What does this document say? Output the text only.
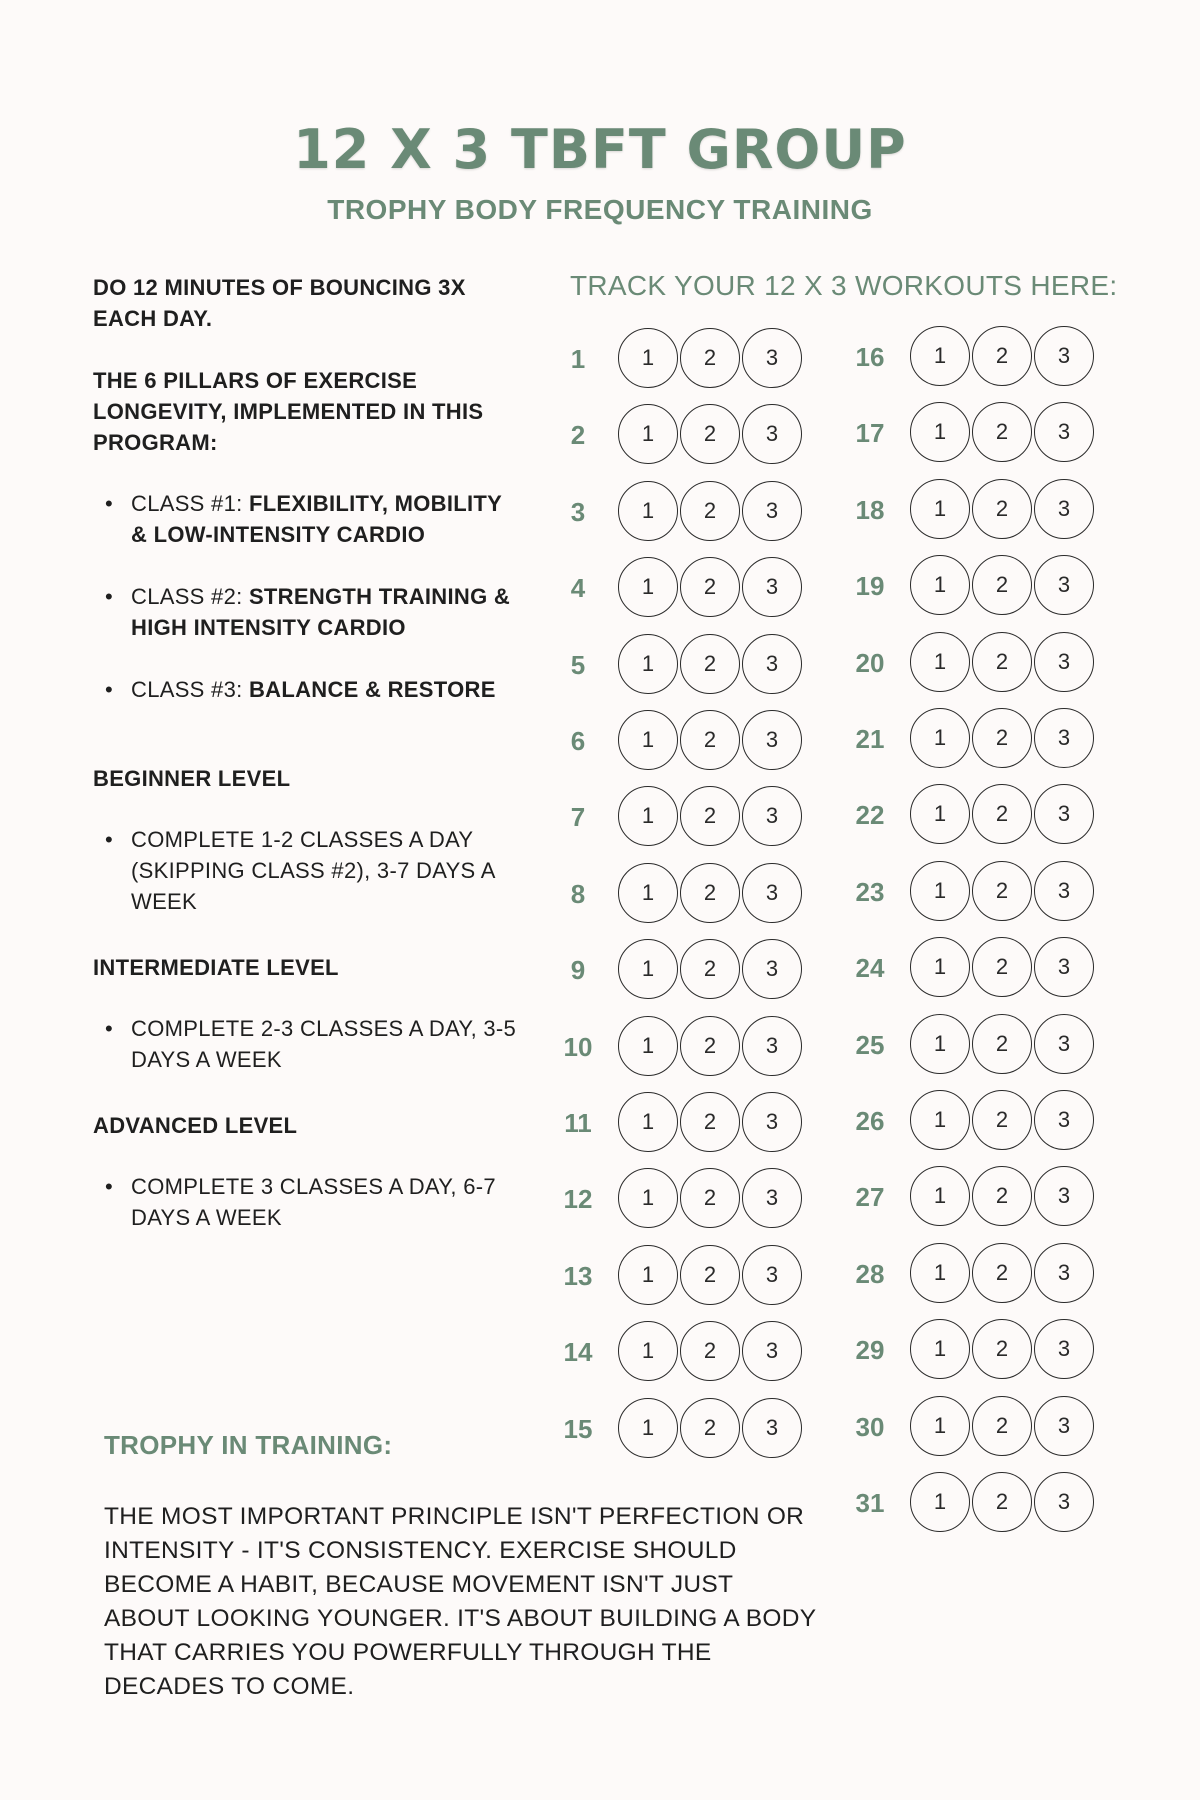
12 X 3 TBFT GROUP
TROPHY BODY FREQUENCY TRAINING

DO 12 MINUTES OF BOUNCING 3X EACH DAY.

THE 6 PILLARS OF EXERCISE LONGEVITY, IMPLEMENTED IN THIS PROGRAM:

• CLASS #1: FLEXIBILITY, MOBILITY & LOW-INTENSITY CARDIO
• CLASS #2: STRENGTH TRAINING & HIGH INTENSITY CARDIO
• CLASS #3: BALANCE & RESTORE

BEGINNER LEVEL

• COMPLETE 1-2 CLASSES A DAY (SKIPPING CLASS #2), 3-7 DAYS A WEEK

INTERMEDIATE LEVEL

• COMPLETE 2-3 CLASSES A DAY, 3-5 DAYS A WEEK

ADVANCED LEVEL

• COMPLETE 3 CLASSES A DAY, 6-7 DAYS A WEEK
TROPHY IN TRAINING:
THE MOST IMPORTANT PRINCIPLE ISN'T PERFECTION OR INTENSITY - IT'S CONSISTENCY. EXERCISE SHOULD BECOME A HABIT, BECAUSE MOVEMENT ISN'T JUST ABOUT LOOKING YOUNGER. IT'S ABOUT BUILDING A BODY THAT CARRIES YOU POWERFULLY THROUGH THE DECADES TO COME.
TRACK YOUR 12 X 3 WORKOUTS HERE:
1	1	2	3
2	1	2	3
3	1	2	3
4	1	2	3
5	1	2	3
6	1	2	3
7	1	2	3
8	1	2	3
9	1	2	3
10	1	2	3
11	1	2	3
12	1	2	3
13	1	2	3
14	1	2	3
15	1	2	3
16	1	2	3
17	1	2	3
18	1	2	3
19	1	2	3
20	1	2	3
21	1	2	3
22	1	2	3
23	1	2	3
24	1	2	3
25	1	2	3
26	1	2	3
27	1	2	3
28	1	2	3
29	1	2	3
30	1	2	3
31	1	2	3
